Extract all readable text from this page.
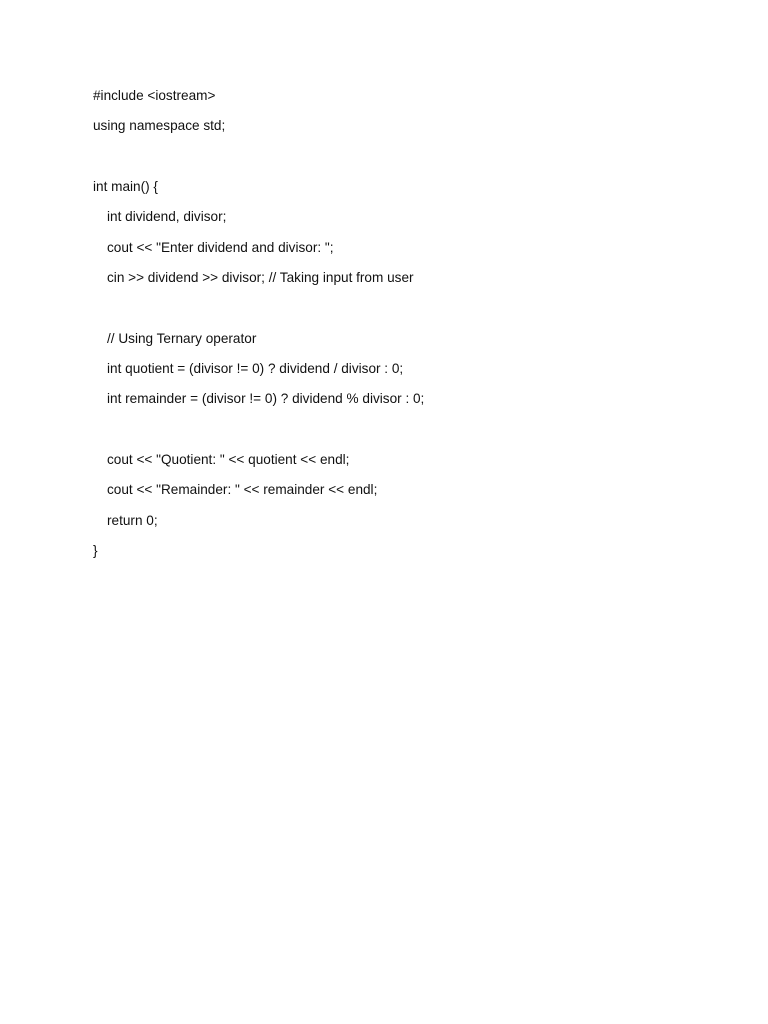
#include <iostream>
using namespace std;
int main() {
int dividend, divisor;
cout << "Enter dividend and divisor: ";
cin >> dividend >> divisor; // Taking input from user
// Using Ternary operator
int quotient = (divisor != 0) ? dividend / divisor : 0;
int remainder = (divisor != 0) ? dividend % divisor : 0;
cout << "Quotient: " << quotient << endl;
cout << "Remainder: " << remainder << endl;
return 0;
}
